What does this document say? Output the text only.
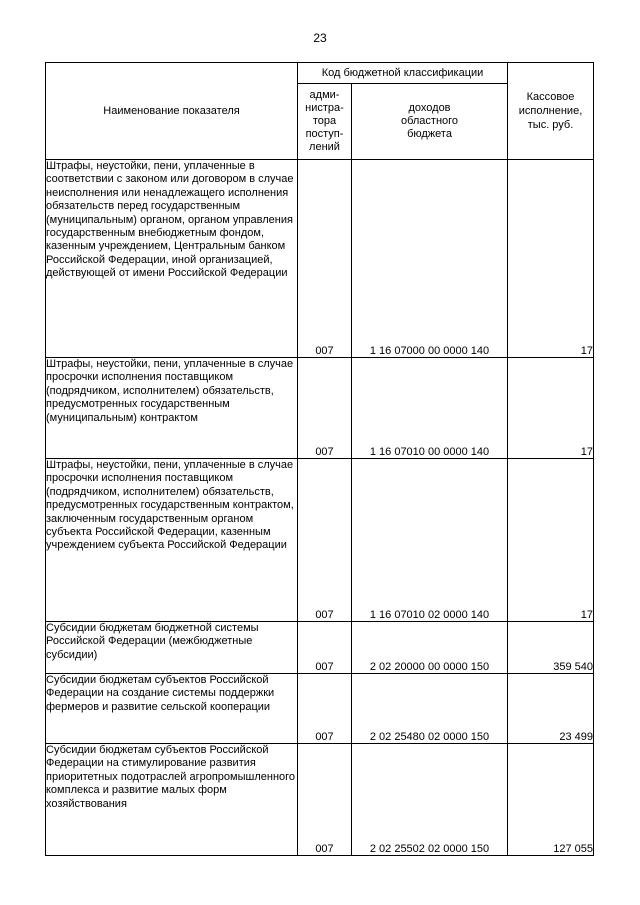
23
Наименование показателя	Код бюджетной классификации		Кассовое
исполнение,
тыс. руб.
	адми-
нистра-
тора
поступ-
лений	доходов
областного
бюджета	
Штрафы, неустойки, пени, уплаченные в соответствии с законом или договором в случае неисполнения или ненадлежащего исполнения обязательств перед государственным (муниципальным) органом, органом управления государственным внебюджетным фондом, казенным учреждением, Центральным банком Российской Федерации, иной организацией, действующей от имени Российской Федерации	007	1 16 07000 00 0000 140	17
Штрафы, неустойки, пени, уплаченные в случае просрочки исполнения поставщиком (подрядчиком, исполнителем) обязательств, предусмотренных государственным (муниципальным) контрактом	007	1 16 07010 00 0000 140	17
Штрафы, неустойки, пени, уплаченные в случае просрочки исполнения поставщиком (подрядчиком, исполнителем) обязательств, предусмотренных государственным контрактом, заключенным государственным органом субъекта Российской Федерации, казенным учреждением субъекта Российской Федерации	007	1 16 07010 02 0000 140	17
Субсидии бюджетам бюджетной системы Российской Федерации (межбюджетные субсидии)	007	2 02 20000 00 0000 150	359 540
Субсидии бюджетам субъектов Российской Федерации на создание системы поддержки фермеров и развитие сельской кооперации	007	2 02 25480 02 0000 150	23 499
Субсидии бюджетам субъектов Российской Федерации на стимулирование развития приоритетных подотраслей агропромышленного комплекса и развитие малых форм хозяйствования	007	2 02 25502 02 0000 150	127 055
